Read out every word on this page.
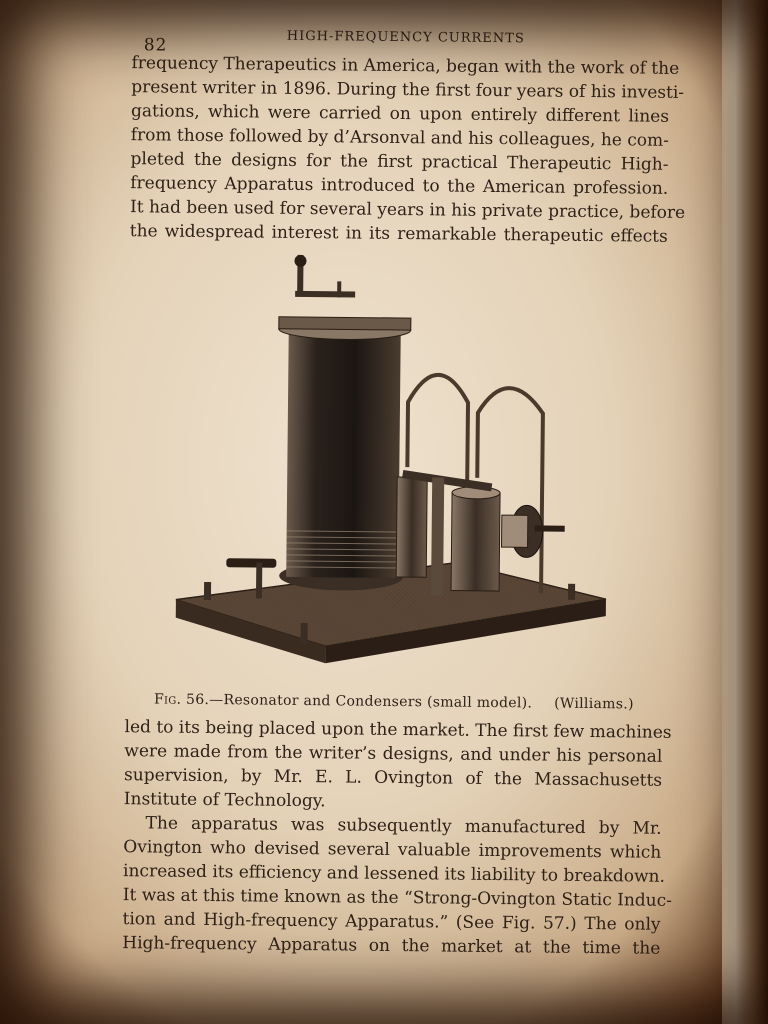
82	HIGH-FREQUENCY CURRENTS

frequency Therapeutics in America, began with the work of the
present writer in 1896. During the first four years of his investi-
gations, which were carried on upon entirely different lines
from those followed by d’Arsonval and his colleagues, he com-
pleted the designs for the first practical Therapeutic High-
frequency Apparatus introduced to the American profession.
It had been used for several years in his private practice, before
the widespread interest in its remarkable therapeutic effects

Fig. 56.—Resonator and Condensers (small model). (Williams.)

led to its being placed upon the market. The first few machines
were made from the writer’s designs, and under his personal
supervision, by Mr. E. L. Ovington of the Massachusetts
Institute of Technology.

The apparatus was subsequently manufactured by Mr.
Ovington who devised several valuable improvements which
increased its efficiency and lessened its liability to breakdown.
It was at this time known as the “Strong-Ovington Static Induc-
tion and High-frequency Apparatus.” (See Fig. 57.) The only
High-frequency Apparatus on the market at the time the
